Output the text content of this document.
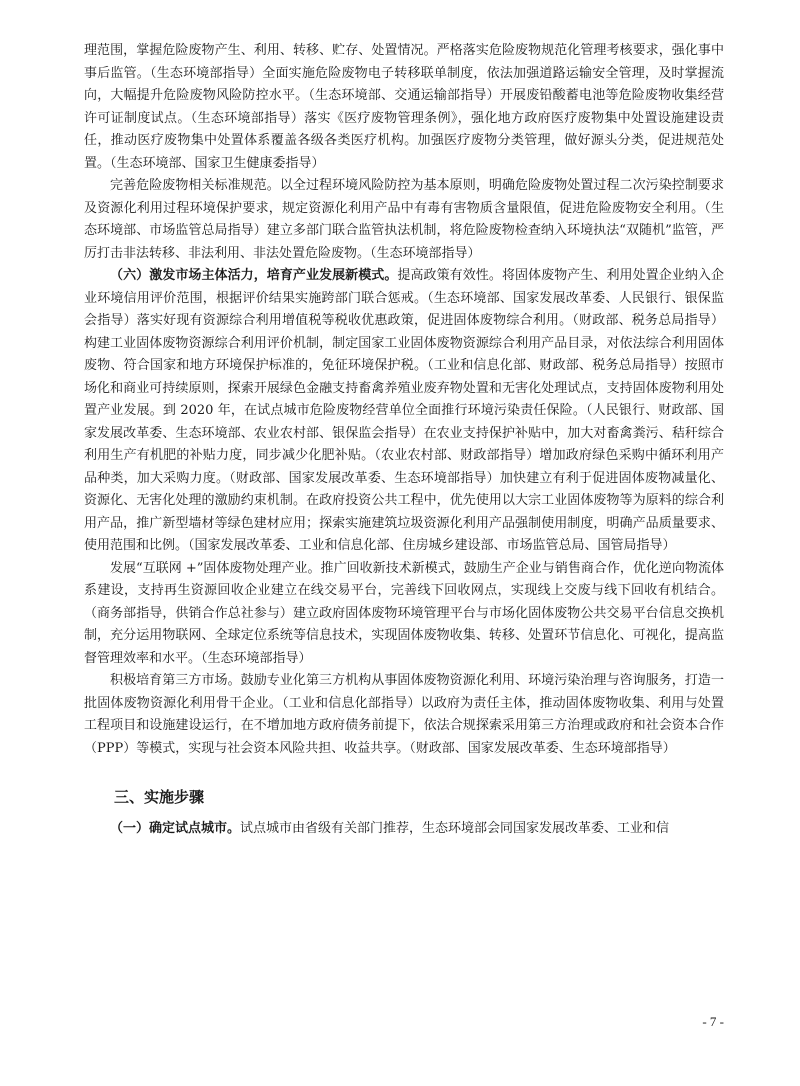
理范围，掌握危险废物产生、利用、转移、贮存、处置情况。严格落实危险废物规范化管理考核要求，强化事中事后监管。（生态环境部指导）全面实施危险废物电子转移联单制度，依法加强道路运输安全管理，及时掌握流向，大幅提升危险废物风险防控水平。（生态环境部、交通运输部指导）开展废铅酸蓄电池等危险废物收集经营许可证制度试点。（生态环境部指导）落实《医疗废物管理条例》，强化地方政府医疗废物集中处置设施建设责任，推动医疗废物集中处置体系覆盖各级各类医疗机构。加强医疗废物分类管理，做好源头分类，促进规范处置。（生态环境部、国家卫生健康委指导）

完善危险废物相关标准规范。以全过程环境风险防控为基本原则，明确危险废物处置过程二次污染控制要求及资源化利用过程环境保护要求，规定资源化利用产品中有毒有害物质含量限值，促进危险废物安全利用。（生态环境部、市场监管总局指导）建立多部门联合监管执法机制，将危险废物检查纳入环境执法“双随机”监管，严厉打击非法转移、非法利用、非法处置危险废物。（生态环境部指导）

（六）激发市场主体活力，培育产业发展新模式。提高政策有效性。将固体废物产生、利用处置企业纳入企业环境信用评价范围，根据评价结果实施跨部门联合惩戒。（生态环境部、国家发展改革委、人民银行、银保监会指导）落实好现有资源综合利用增值税等税收优惠政策，促进固体废物综合利用。（财政部、税务总局指导）构建工业固体废物资源综合利用评价机制，制定国家工业固体废物资源综合利用产品目录，对依法综合利用固体废物、符合国家和地方环境保护标准的，免征环境保护税。（工业和信息化部、财政部、税务总局指导）按照市场化和商业可持续原则，探索开展绿色金融支持畜禽养殖业废弃物处置和无害化处理试点，支持固体废物利用处置产业发展。到 2020 年，在试点城市危险废物经营单位全面推行环境污染责任保险。（人民银行、财政部、国家发展改革委、生态环境部、农业农村部、银保监会指导）在农业支持保护补贴中，加大对畜禽粪污、秸秆综合利用生产有机肥的补贴力度，同步减少化肥补贴。（农业农村部、财政部指导）增加政府绿色采购中循环利用产品种类，加大采购力度。（财政部、国家发展改革委、生态环境部指导）加快建立有利于促进固体废物减量化、资源化、无害化处理的激励约束机制。在政府投资公共工程中，优先使用以大宗工业固体废物等为原料的综合利用产品，推广新型墙材等绿色建材应用；探索实施建筑垃圾资源化利用产品强制使用制度，明确产品质量要求、使用范围和比例。（国家发展改革委、工业和信息化部、住房城乡建设部、市场监管总局、国管局指导）

发展“互联网 +”固体废物处理产业。推广回收新技术新模式，鼓励生产企业与销售商合作，优化逆向物流体系建设，支持再生资源回收企业建立在线交易平台，完善线下回收网点，实现线上交废与线下回收有机结合。（商务部指导，供销合作总社参与）建立政府固体废物环境管理平台与市场化固体废物公共交易平台信息交换机制，充分运用物联网、全球定位系统等信息技术，实现固体废物收集、转移、处置环节信息化、可视化，提高监督管理效率和水平。（生态环境部指导）

积极培育第三方市场。鼓励专业化第三方机构从事固体废物资源化利用、环境污染治理与咨询服务，打造一批固体废物资源化利用骨干企业。（工业和信息化部指导）以政府为责任主体，推动固体废物收集、利用与处置工程项目和设施建设运行，在不增加地方政府债务前提下，依法合规探索采用第三方治理或政府和社会资本合作（PPP）等模式，实现与社会资本风险共担、收益共享。（财政部、国家发展改革委、生态环境部指导）

三、实施步骤

（一）确定试点城市。试点城市由省级有关部门推荐，生态环境部会同国家发展改革委、工业和信

- 7 -
